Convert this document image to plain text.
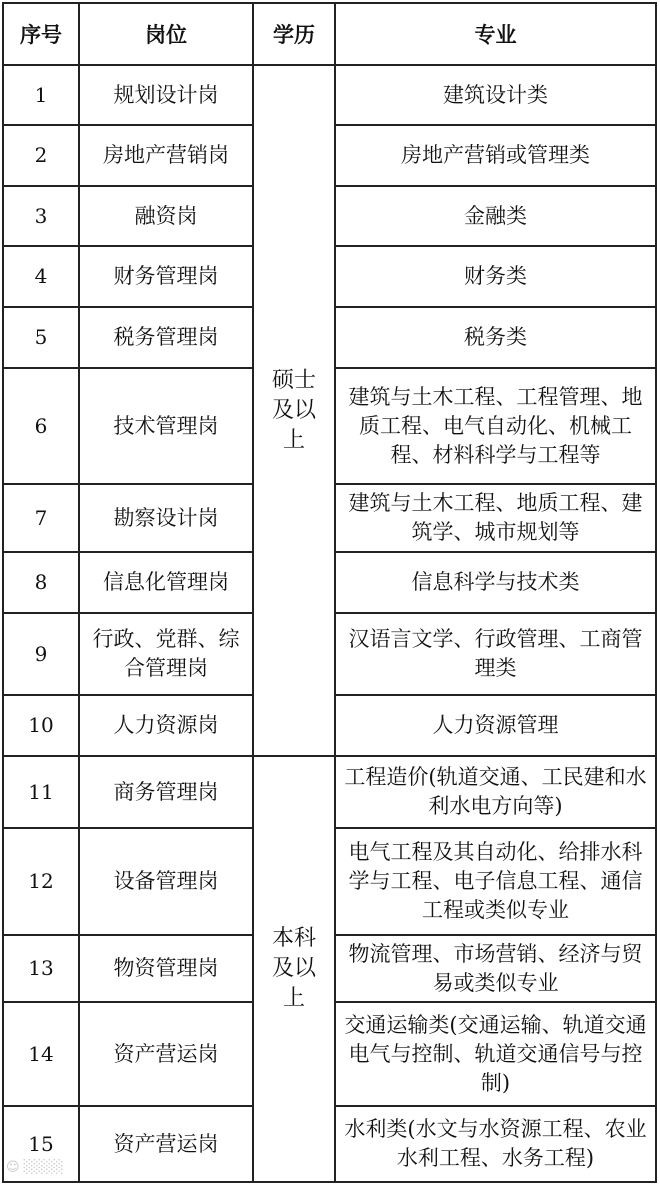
序号	岗位	学历	专业
1	规划设计岗	硕士及以上	建筑设计类
2	房地产营销岗		房地产营销或管理类
3	融资岗		金融类
4	财务管理岗		财务类
5	税务管理岗		税务类
6	技术管理岗		建筑与土木工程、工程管理、地质工程、电气自动化、机械工程、材料科学与工程等
7	勘察设计岗		建筑与土木工程、地质工程、建筑学、城市规划等
8	信息化管理岗		信息科学与技术类
9	行政、党群、综合管理岗		汉语言文学、行政管理、工商管理类
10	人力资源岗		人力资源管理
11	商务管理岗	本科及以上	工程造价(轨道交通、工民建和水利水电方向等)
12	设备管理岗		电气工程及其自动化、给排水科学与工程、电子信息工程、通信工程或类似专业
13	物资管理岗		物流管理、市场营销、经济与贸易或类似专业
14	资产营运岗		交通运输类(交通运输、轨道交通电气与控制、轨道交通信号与控制)
15	资产营运岗		水利类(水文与水资源工程、农业水利工程、水务工程)
☺ ░░░░
